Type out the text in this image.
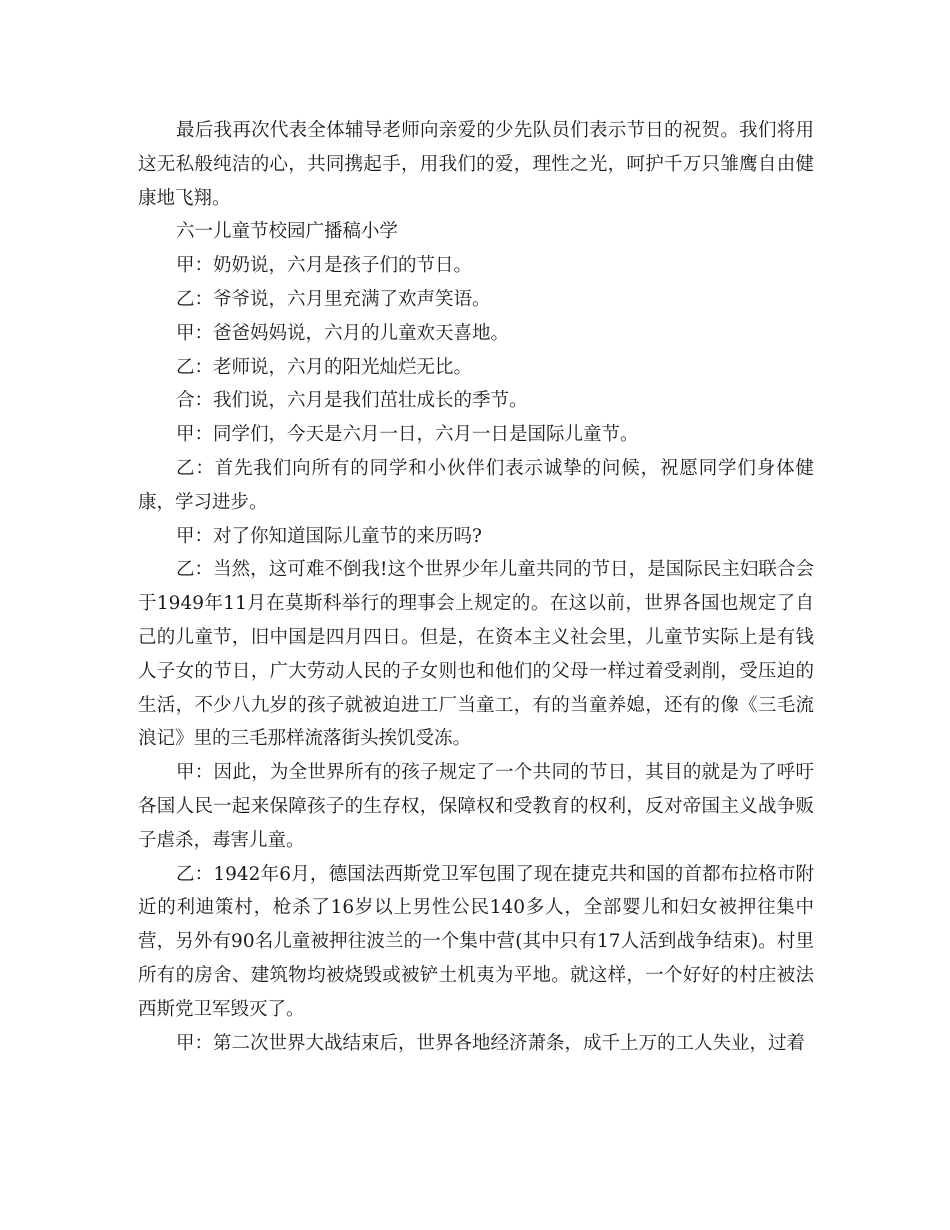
最后我再次代表全体辅导老师向亲爱的少先队员们表示节日的祝贺。我们将用这无私般纯洁的心，共同携起手，用我们的爱，理性之光，呵护千万只雏鹰自由健康地飞翔。

六一儿童节校园广播稿小学

甲：奶奶说，六月是孩子们的节日。

乙：爷爷说，六月里充满了欢声笑语。

甲：爸爸妈妈说，六月的儿童欢天喜地。

乙：老师说，六月的阳光灿烂无比。

合：我们说，六月是我们茁壮成长的季节。

甲：同学们，今天是六月一日，六月一日是国际儿童节。

乙：首先我们向所有的同学和小伙伴们表示诚挚的问候，祝愿同学们身体健康，学习进步。

甲：对了你知道国际儿童节的来历吗?

乙：当然，这可难不倒我!这个世界少年儿童共同的节日，是国际民主妇联合会于1949年11月在莫斯科举行的理事会上规定的。在这以前，世界各国也规定了自己的儿童节，旧中国是四月四日。但是，在资本主义社会里，儿童节实际上是有钱人子女的节日，广大劳动人民的子女则也和他们的父母一样过着受剥削，受压迫的生活，不少八九岁的孩子就被迫进工厂当童工，有的当童养媳，还有的像《三毛流浪记》里的三毛那样流落街头挨饥受冻。

甲：因此，为全世界所有的孩子规定了一个共同的节日，其目的就是为了呼吁各国人民一起来保障孩子的生存权，保障权和受教育的权利，反对帝国主义战争贩子虐杀，毒害儿童。

乙：1942年6月，德国法西斯党卫军包围了现在捷克共和国的首都布拉格市附近的利迪策村，枪杀了16岁以上男性公民140多人，全部婴儿和妇女被押往集中营，另外有90名儿童被押往波兰的一个集中营(其中只有17人活到战争结束)。村里所有的房舍、建筑物均被烧毁或被铲土机夷为平地。就这样，一个好好的村庄被法西斯党卫军毁灭了。

甲：第二次世界大战结束后，世界各地经济萧条，成千上万的工人失业，过着
